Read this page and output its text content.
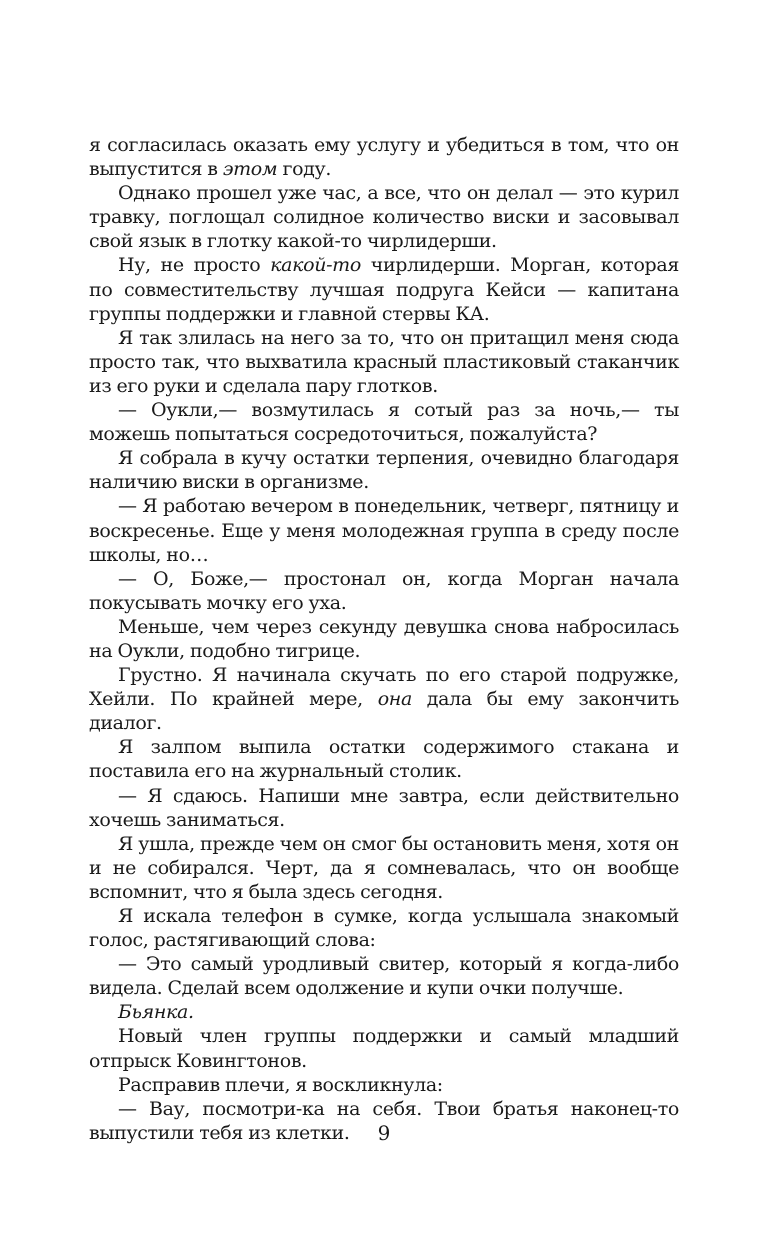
я согласилась оказать ему услугу и убедиться в том, что он выпустится в этом году.

Однако прошел уже час, а все, что он делал — это курил травку, поглощал солидное количество виски и засовывал свой язык в глотку какой-то чирлидерши.

Ну, не просто какой-то чирлидерши. Морган, которая по совместительству лучшая подруга Кейси — капитана группы поддержки и главной стервы КА.

Я так злилась на него за то, что он притащил меня сюда просто так, что выхватила красный пластиковый стаканчик из его руки и сделала пару глотков.

— Оукли,— возмутилась я сотый раз за ночь,— ты можешь попытаться сосредоточиться, пожалуйста?

Я собрала в кучу остатки терпения, очевидно благодаря наличию виски в организме.

— Я работаю вечером в понедельник, четверг, пятницу и воскресенье. Еще у меня молодежная группа в среду после школы, но…

— О, Боже,— простонал он, когда Морган начала покусывать мочку его уха.

Меньше, чем через секунду девушка снова набросилась на Оукли, подобно тигрице.

Грустно. Я начинала скучать по его старой подружке, Хейли. По крайней мере, она дала бы ему закончить диалог.

Я залпом выпила остатки содержимого стакана и поставила его на журнальный столик.

— Я сдаюсь. Напиши мне завтра, если действительно хочешь заниматься.

Я ушла, прежде чем он смог бы остановить меня, хотя он и не собирался. Черт, да я сомневалась, что он вообще вспомнит, что я была здесь сегодня.

Я искала телефон в сумке, когда услышала знакомый голос, растягивающий слова:

— Это самый уродливый свитер, который я когда-либо видела. Сделай всем одолжение и купи очки получше.

Бьянка.

Новый член группы поддержки и самый младший отпрыск Ковингтонов.

Расправив плечи, я воскликнула:

— Вау, посмотри-ка на себя. Твои братья наконец-то выпустили тебя из клетки.	9
